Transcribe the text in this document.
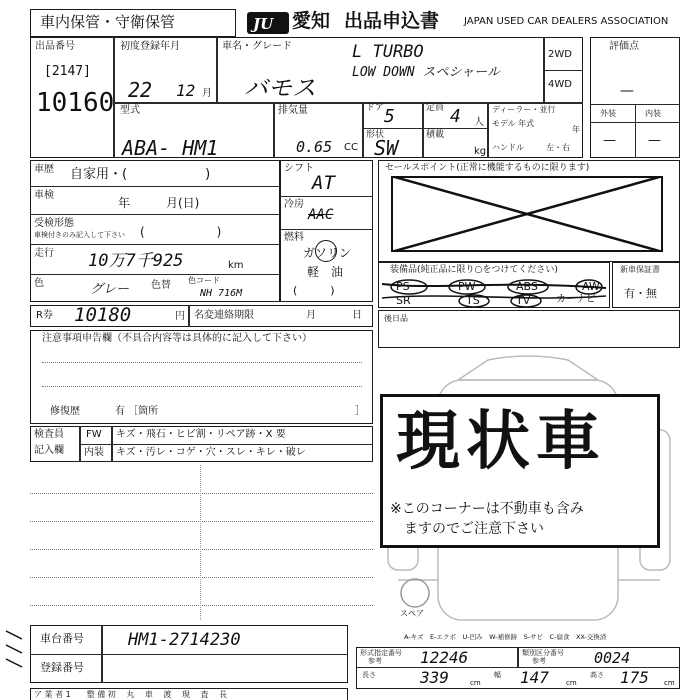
車内保管・守衛保管	JU 愛知 出品申込書 JAPAN USED CAR DEALERS ASSOCIATION
出品番号
[2147]
10160
初度登録年月
22 12 月
車名・グレード	L TURBO
LOW DOWN スペシャール
バモス
2WD
4WD
型式
ABA- HM1
排気量
0.65 CC
ドア 5	定員 4 人
形状
SW
積載
kg
ディーラー・並行
モデル 年式
年
ハンドル	左・右
評価点
—
外装	内装
— —
車歴 自家用・(　　　　　　)
車検
年　　　月(日)
受検形態
車検付きのみ記入して下さい (　　　　　　)
走行 10万7千925	km
色	グレー 色替 色コード
NH 716M
シフト
AT
冷房
AAC
燃料
ガソリン
軽　油
(　　　)
セールスポイント(正常に機能するものに限ります)
装備品(純正品に限り○をつけてください)
PS	PW	ABS	AW
SR	TS	TV	カーナビ
新車保証書
有・無
R券 10180	円 名変連絡期限	月	日	後日品
注意事項申告欄（不具合内容等は具体的に記入して下さい）
修復歴	有 ［箇所	］
検査員
記入欄
FW キズ・飛石・ヒビ割・リペア跡・X 要
内装 キズ・汚レ・コゲ・穴・スレ・キレ・破レ
スペア
現状車
※このコーナーは不動車も含み
ますのでご注意下さい
A-キズ　E-エクボ　U-凹み　W-補修跡　S-サビ　C-腐食　XX-交換済
車台番号	HM1-2714230
登録番号
形式指定番号
参考 12246	類別区分番号
参考	0024
長さ	339	cm
幅 147 cm
高さ 175 cm
ア 業 者 1　　整 備 初 　丸 　車 　渡 　現 　査 　長
